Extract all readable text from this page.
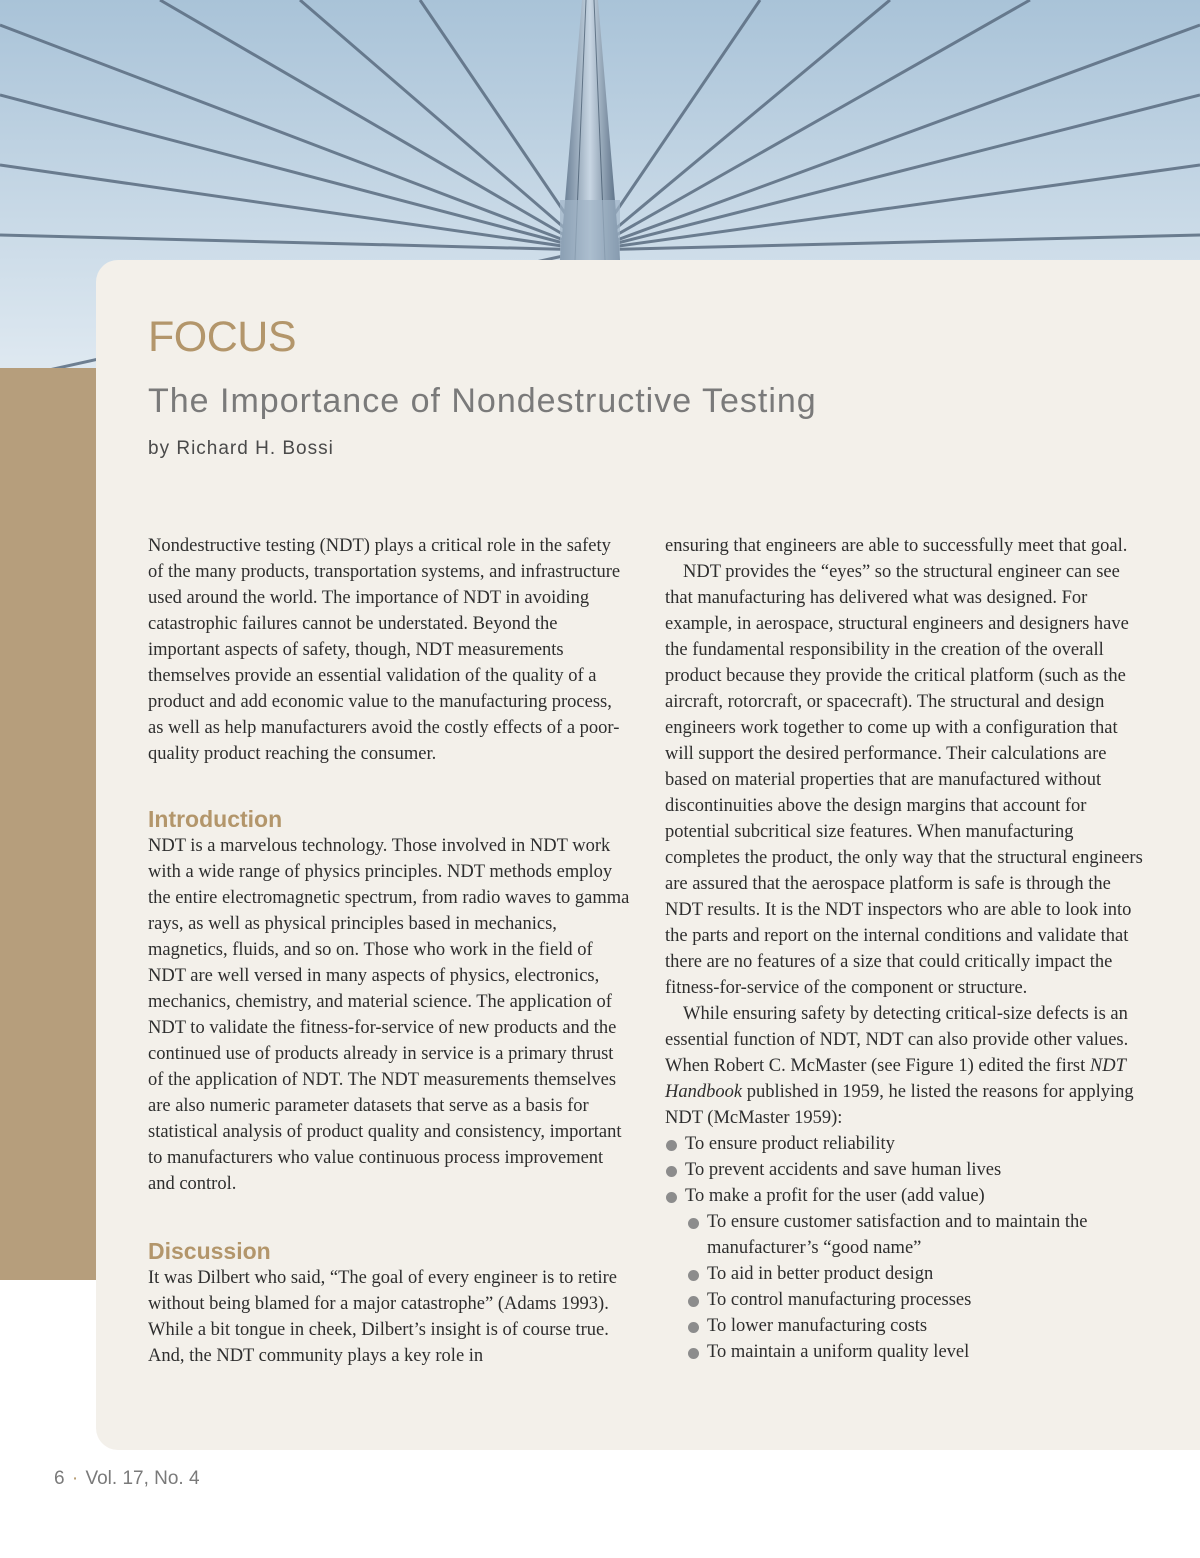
FOCUS
The Importance of Nondestructive Testing
by Richard H. Bossi

Nondestructive testing (NDT) plays a critical role in the safety of the many products, transportation systems, and infrastructure used around the world. The importance of NDT in avoiding catastrophic failures cannot be understated. Beyond the important aspects of safety, though, NDT measurements themselves provide an essential validation of the quality of a product and add economic value to the manufacturing process, as well as help manufacturers avoid the costly effects of a poor-quality product reaching the consumer.

Introduction

NDT is a marvelous technology. Those involved in NDT work with a wide range of physics principles. NDT methods employ the entire electromagnetic spectrum, from radio waves to gamma rays, as well as physical principles based in mechanics, magnetics, fluids, and so on. Those who work in the field of NDT are well versed in many aspects of physics, electronics, mechanics, chemistry, and material science. The application of NDT to validate the fitness-for-service of new products and the continued use of products already in service is a primary thrust of the application of NDT. The NDT measurements themselves are also numeric parameter datasets that serve as a basis for statistical analysis of product quality and consistency, important to manufacturers who value continuous process improvement and control.

Discussion

It was Dilbert who said, “The goal of every engineer is to retire without being blamed for a major catastrophe” (Adams 1993). While a bit tongue in cheek, Dilbert’s insight is of course true. And, the NDT community plays a key role in

ensuring that engineers are able to successfully meet that goal.

NDT provides the “eyes” so the structural engineer can see that manufacturing has delivered what was designed. For example, in aerospace, structural engineers and designers have the fundamental responsibility in the creation of the overall product because they provide the critical platform (such as the aircraft, rotorcraft, or spacecraft). The structural and design engineers work together to come up with a configuration that will support the desired performance. Their calculations are based on material properties that are manufactured without discontinuities above the design margins that account for potential subcritical size features. When manufacturing completes the product, the only way that the structural engineers are assured that the aerospace platform is safe is through the NDT results. It is the NDT inspectors who are able to look into the parts and report on the internal conditions and validate that there are no features of a size that could critically impact the fitness-for-service of the component or structure.

While ensuring safety by detecting critical-size defects is an essential function of NDT, NDT can also provide other values. When Robert C. McMaster (see Figure 1) edited the first NDT Handbook published in 1959, he listed the reasons for applying NDT (McMaster 1959):

To ensure product reliability
To prevent accidents and save human lives
To make a profit for the user (add value)
To ensure customer satisfaction and to maintain the manufacturer’s “good name”
To aid in better product design
To control manufacturing processes
To lower manufacturing costs
To maintain a uniform quality level
6 · Vol. 17, No. 4
